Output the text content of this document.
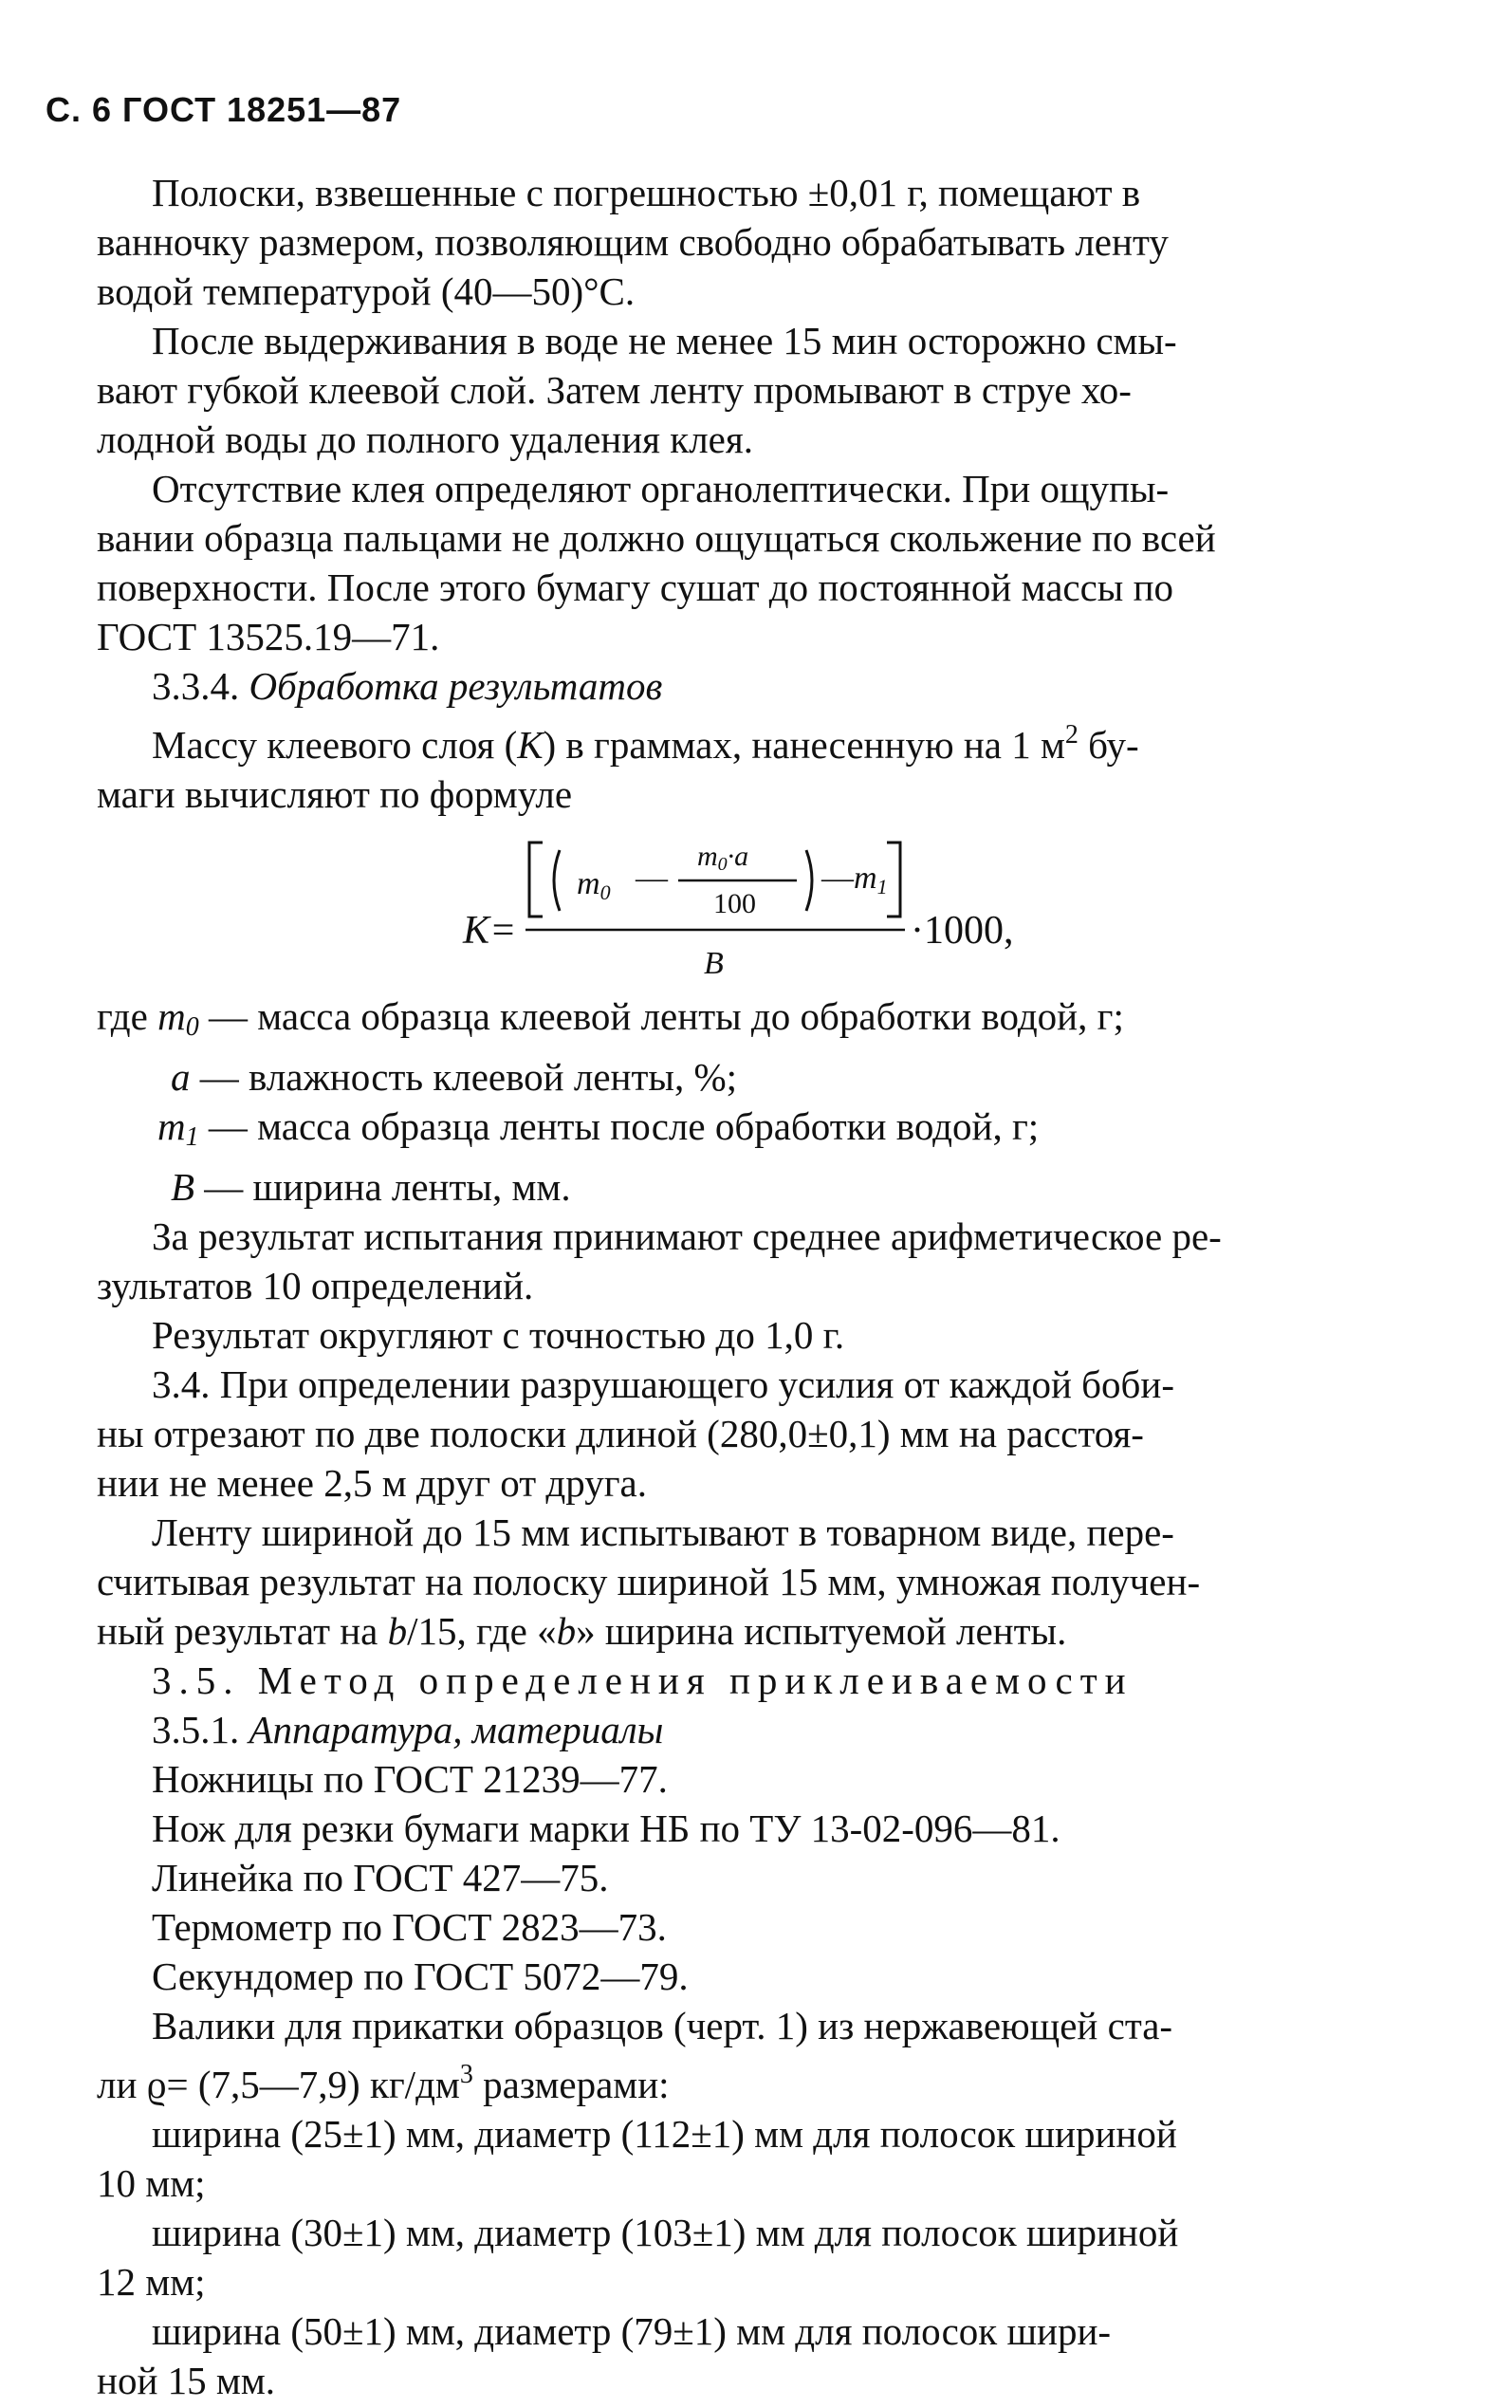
С. 6 ГОСТ 18251—87
Полоски, взвешенные с погрешностью ±0,01 г, помещают в
ванночку размером, позволяющим свободно обрабатывать ленту
водой температурой (40—50)°С.
После выдерживания в воде не менее 15 мин осторожно смы-
вают губкой клеевой слой. Затем ленту промывают в струе хо-
лодной воды до полного удаления клея.
Отсутствие клея определяют органолептически. При ощупы-
вании образца пальцами не должно ощущаться скольжение по всей
поверхности. После этого бумагу сушат до постоянной массы по
ГОСТ 13525.19—71.
3.3.4. Обработка результатов
Массу клеевого слоя (К) в граммах, нанесенную на 1 $м^2$ бу-
маги вычисляют по формуле
m0 —
m0·a
100
—m1
K=
B
·1000,
где $m_0$ — масса образца клеевой ленты до обработки водой, г;
a — влажность клеевой ленты, %;
$m_1$ — масса образца ленты после обработки водой, г;
B — ширина ленты, мм.
За результат испытания принимают среднее арифметическое ре-
зультатов 10 определений.
Результат округляют с точностью до 1,0 г.
3.4. При определении разрушающего усилия от каждой боби-
ны отрезают по две полоски длиной (280,0±0,1) мм на расстоя-
нии не менее 2,5 м друг от друга.
Ленту шириной до 15 мм испытывают в товарном виде, пере-
считывая результат на полоску шириной 15 мм, умножая получен-
ный результат на b/15, где «b» ширина испытуемой ленты.
3.5. Метод определения приклеиваемости
3.5.1. Аппаратура, материалы
Ножницы по ГОСТ 21239—77.
Нож для резки бумаги марки НБ по ТУ 13-02-096—81.
Линейка по ГОСТ 427—75.
Термометр по ГОСТ 2823—73.
Секундомер по ГОСТ 5072—79.
Валики для прикатки образцов (черт. 1) из нержавеющей ста-
ли ϱ= (7,5—7,9) $кг/дм^3$ размерами:
ширина (25±1) мм, диаметр (112±1) мм для полосок шириной
10 мм;
ширина (30±1) мм, диаметр (103±1) мм для полосок шириной
12 мм;
ширина (50±1) мм, диаметр (79±1) мм для полосок шири-
ной 15 мм.
